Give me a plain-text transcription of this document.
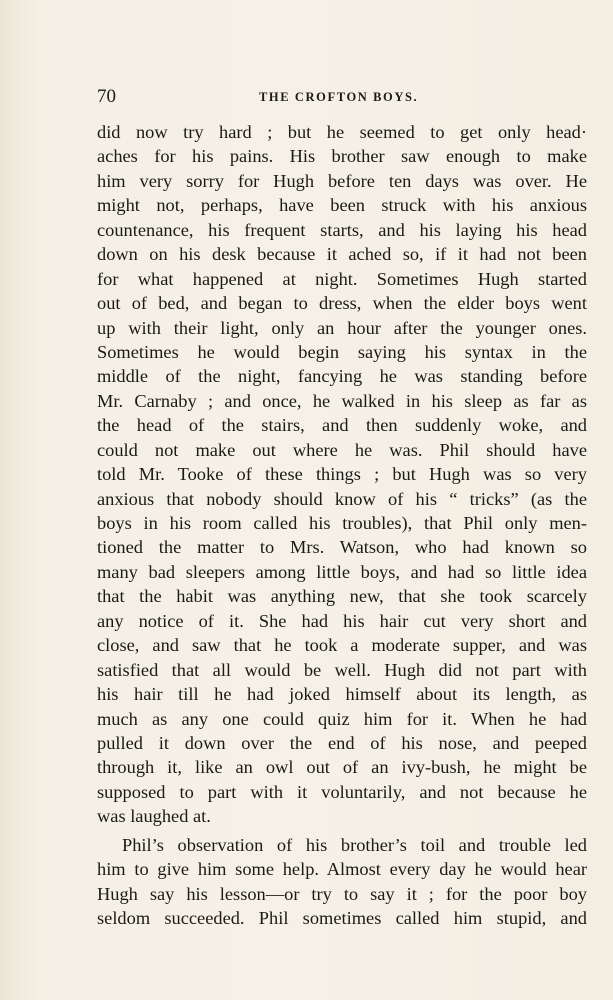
70	THE CROFTON BOYS.
did now try hard ; but he seemed to get only head·
aches for his pains. His brother saw enough to make
him very sorry for Hugh before ten days was over. He
might not, perhaps, have been struck with his anxious
countenance, his frequent starts, and his laying his head
down on his desk because it ached so, if it had not been
for what happened at night. Sometimes Hugh started
out of bed, and began to dress, when the elder boys went
up with their light, only an hour after the younger ones.
Sometimes he would begin saying his syntax in the
middle of the night, fancying he was standing before
Mr. Carnaby ; and once, he walked in his sleep as far as
the head of the stairs, and then suddenly woke, and
could not make out where he was. Phil should have
told Mr. Tooke of these things ; but Hugh was so very
anxious that nobody should know of his “ tricks” (as the
boys in his room called his troubles), that Phil only men-
tioned the matter to Mrs. Watson, who had known so
many bad sleepers among little boys, and had so little idea
that the habit was anything new, that she took scarcely
any notice of it. She had his hair cut very short and
close, and saw that he took a moderate supper, and was
satisfied that all would be well. Hugh did not part with
his hair till he had joked himself about its length, as
much as any one could quiz him for it. When he had
pulled it down over the end of his nose, and peeped
through it, like an owl out of an ivy-bush, he might be
supposed to part with it voluntarily, and not because he
was laughed at.
Phil’s observation of his brother’s toil and trouble led
him to give him some help. Almost every day he would hear
Hugh say his lesson—or try to say it ; for the poor boy
seldom succeeded. Phil sometimes called him stupid, and
